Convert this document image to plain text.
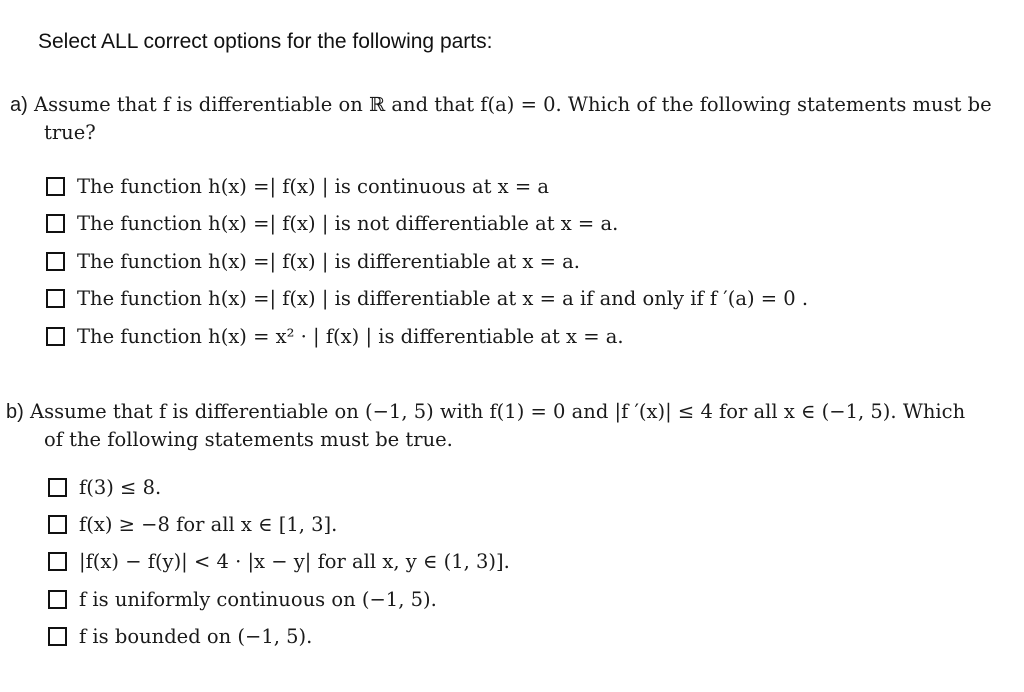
Select ALL correct options for the following parts:
a) Assume that f is differentiable on ℝ and that f(a) = 0. Which of the following statements must be
true?
The function h(x) =| f(x) | is continuous at x = a
The function h(x) =| f(x) | is not differentiable at x = a.
The function h(x) =| f(x) | is differentiable at x = a.
The function h(x) =| f(x) | is differentiable at x = a if and only if f ′(a) = 0 .
The function h(x) = x² · | f(x) | is differentiable at x = a.
b) Assume that f is differentiable on (−1, 5) with f(1) = 0 and |f ′(x)| ≤ 4 for all x ∈ (−1, 5). Which
of the following statements must be true.
f(3) ≤ 8.
f(x) ≥ −8 for all x ∈ [1, 3].
|f(x) − f(y)| < 4 · |x − y| for all x, y ∈ (1, 3)].
f is uniformly continuous on (−1, 5).
f is bounded on (−1, 5).
